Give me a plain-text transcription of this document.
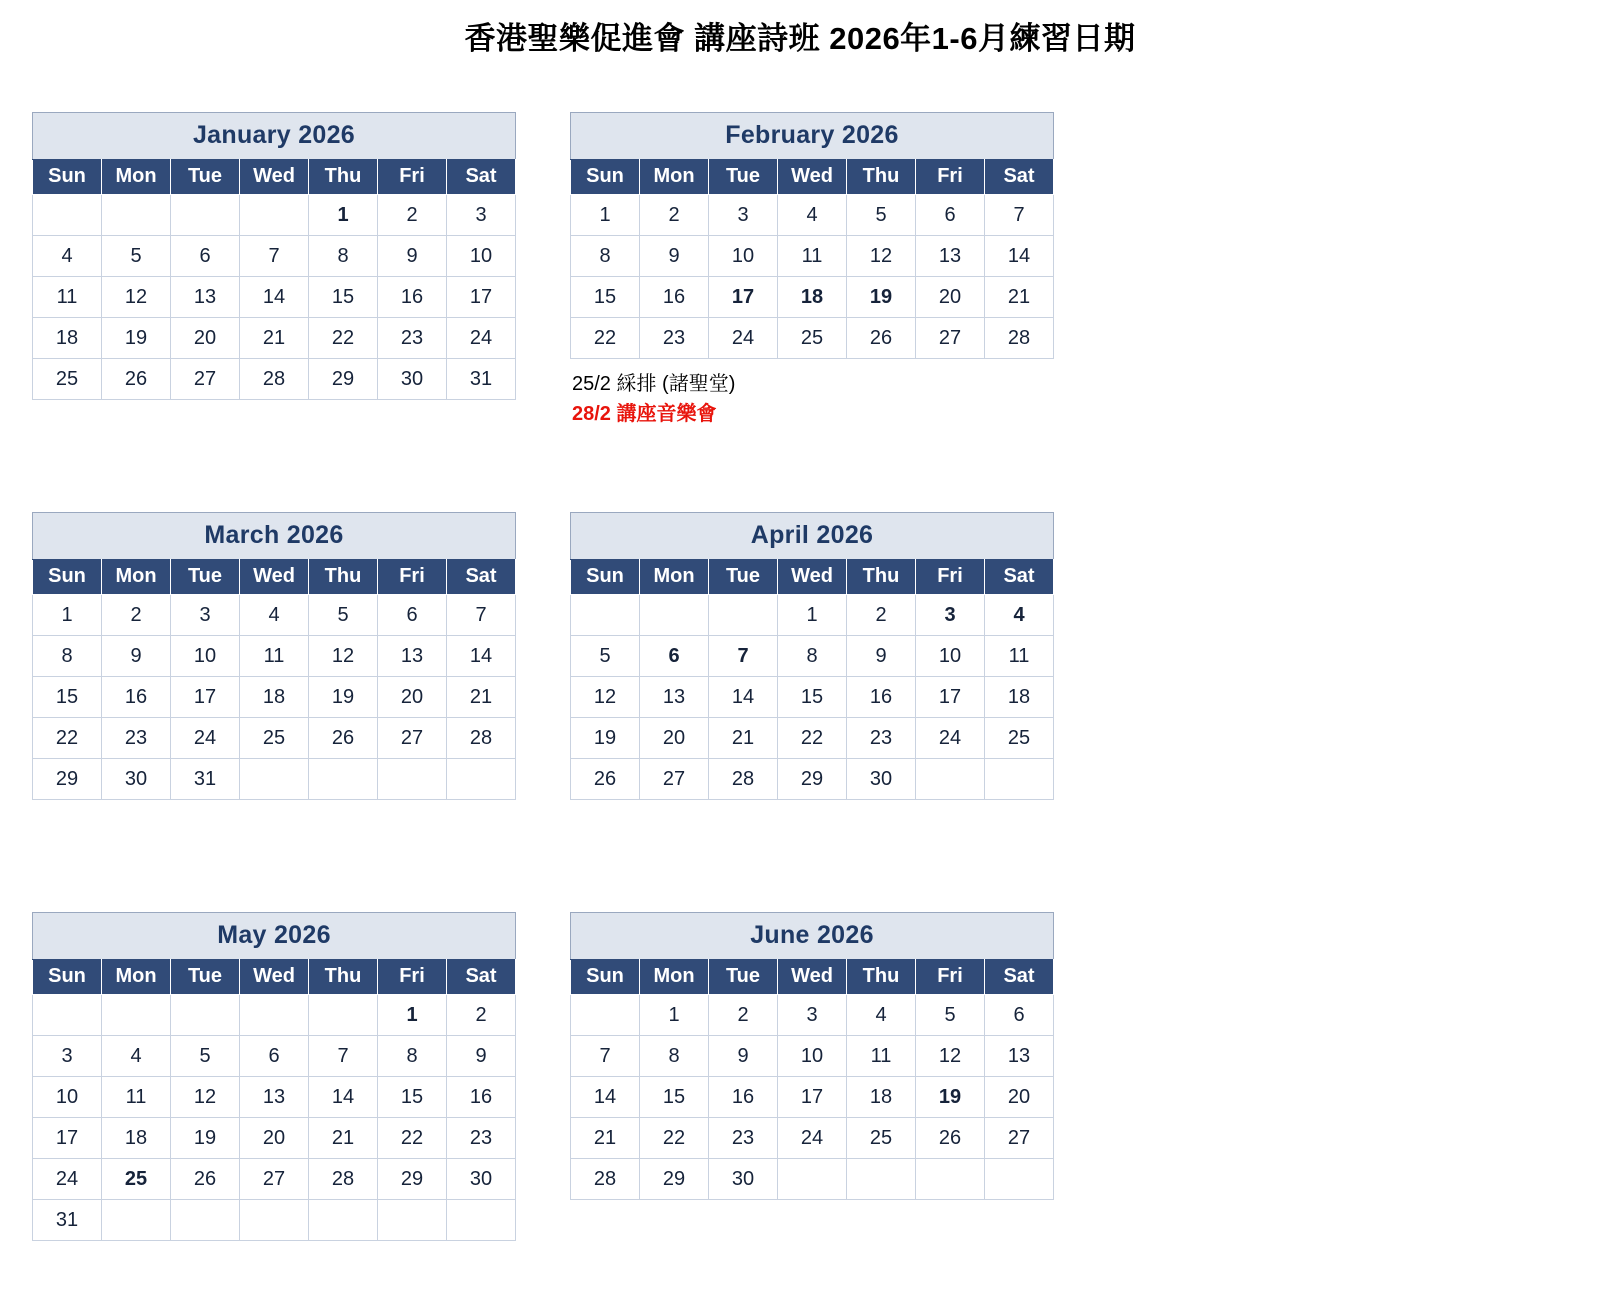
香港聖樂促進會 講座詩班 2026年1-6月練習日期
January 2026
Sun	Mon	Tue	Wed	Thu	Fri	Sat
				1	2	3
4	5	6	7	8	9	10
11	12	13	14	15	16	17
18	19	20	21	22	23	24
25	26	27	28	29	30	31
February 2026
Sun	Mon	Tue	Wed	Thu	Fri	Sat
1	2	3	4	5	6	7
8	9	10	11	12	13	14
15	16	17	18	19	20	21
22	23	24	25	26	27	28
25/2 綵排 (諸聖堂)
28/2 講座音樂會
March 2026
Sun	Mon	Tue	Wed	Thu	Fri	Sat
1	2	3	4	5	6	7
8	9	10	11	12	13	14
15	16	17	18	19	20	21
22	23	24	25	26	27	28
29	30	31				
April 2026
Sun	Mon	Tue	Wed	Thu	Fri	Sat
			1	2	3	4
5	6	7	8	9	10	11
12	13	14	15	16	17	18
19	20	21	22	23	24	25
26	27	28	29	30		
May 2026
Sun	Mon	Tue	Wed	Thu	Fri	Sat
					1	2
3	4	5	6	7	8	9
10	11	12	13	14	15	16
17	18	19	20	21	22	23
24	25	26	27	28	29	30
31						
June 2026
Sun	Mon	Tue	Wed	Thu	Fri	Sat
	1	2	3	4	5	6
7	8	9	10	11	12	13
14	15	16	17	18	19	20
21	22	23	24	25	26	27
28	29	30				
